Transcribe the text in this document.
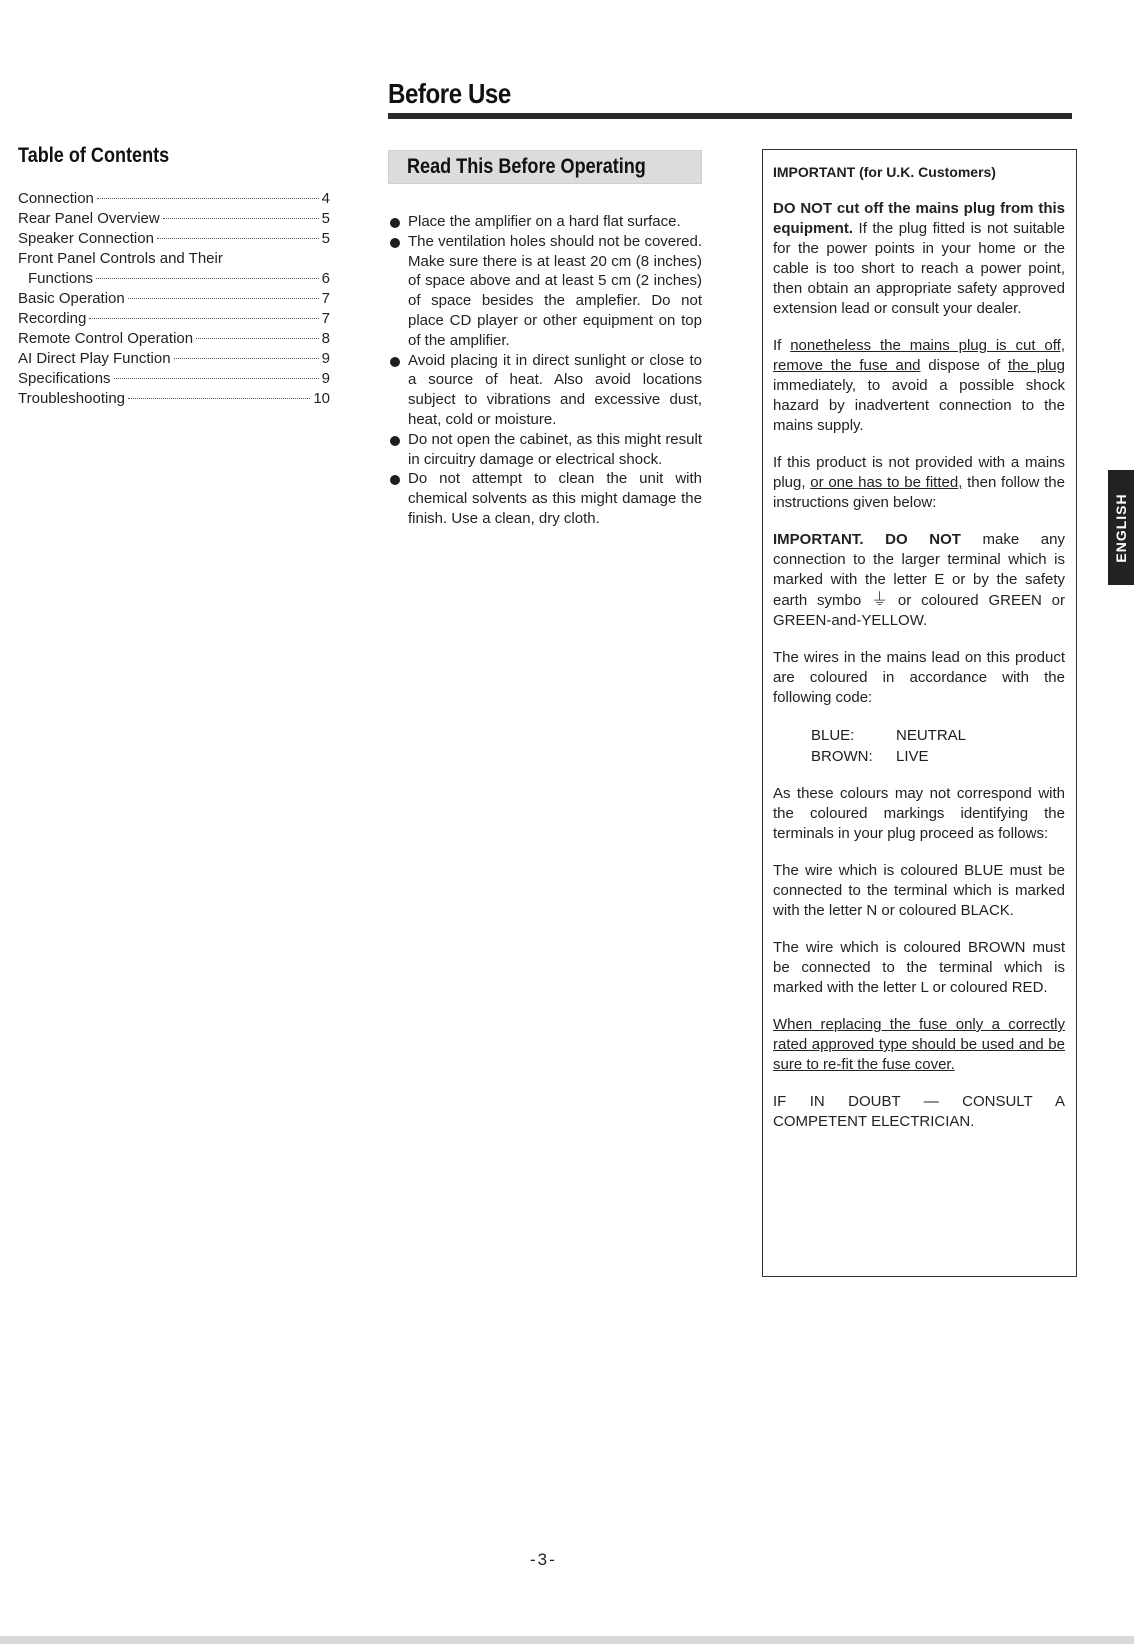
Before Use
Table of Contents
Connection	4
Rear Panel Overview	5
Speaker Connection	5
Front Panel Controls and Their
Functions	6
Basic Operation	7
Recording	7
Remote Control Operation	8
AI Direct Play Function	9
Specifications	9
Troubleshooting	10
Read This Before Operating
Place the amplifier on a hard flat surface.
The ventilation holes should not be covered. Make sure there is at least 20 cm (8 inches) of space above and at least 5 cm (2 inches) of space besides the amplefier. Do not place CD player or other equipment on top of the amplifier.
Avoid placing it in direct sunlight or close to a source of heat. Also avoid locations subject to vibrations and excessive dust, heat, cold or moisture.
Do not open the cabinet, as this might result in circuitry damage or electrical shock.
Do not attempt to clean the unit with chemical solvents as this might damage the finish. Use a clean, dry cloth.
IMPORTANT (for U.K. Customers)
DO NOT cut off the mains plug from this equipment. If the plug fitted is not suitable for the power points in your home or the cable is too short to reach a power point, then obtain an appropriate safety approved extension lead or consult your dealer.
If nonetheless the mains plug is cut off, remove the fuse and dispose of the plug immediately, to avoid a possible shock hazard by inadvertent connection to the mains supply.
If this product is not provided with a mains plug, or one has to be fitted, then follow the instructions given below:
IMPORTANT. DO NOT make any connection to the larger terminal which is marked with the letter E or by the safety earth symbo ⏚ or coloured GREEN or GREEN-and-YELLOW.
The wires in the mains lead on this product are coloured in accordance with the following code:
BLUE:	NEUTRAL
BROWN:	LIVE
As these colours may not correspond with the coloured markings identifying the terminals in your plug proceed as follows:
The wire which is coloured BLUE must be connected to the terminal which is marked with the letter N or coloured BLACK.
The wire which is coloured BROWN must be connected to the terminal which is marked with the letter L or coloured RED.
When replacing the fuse only a correctly rated approved type should be used and be sure to re-fit the fuse cover.
IF IN DOUBT — CONSULT A COMPETENT ELECTRICIAN.
ENGLISH
-3-
